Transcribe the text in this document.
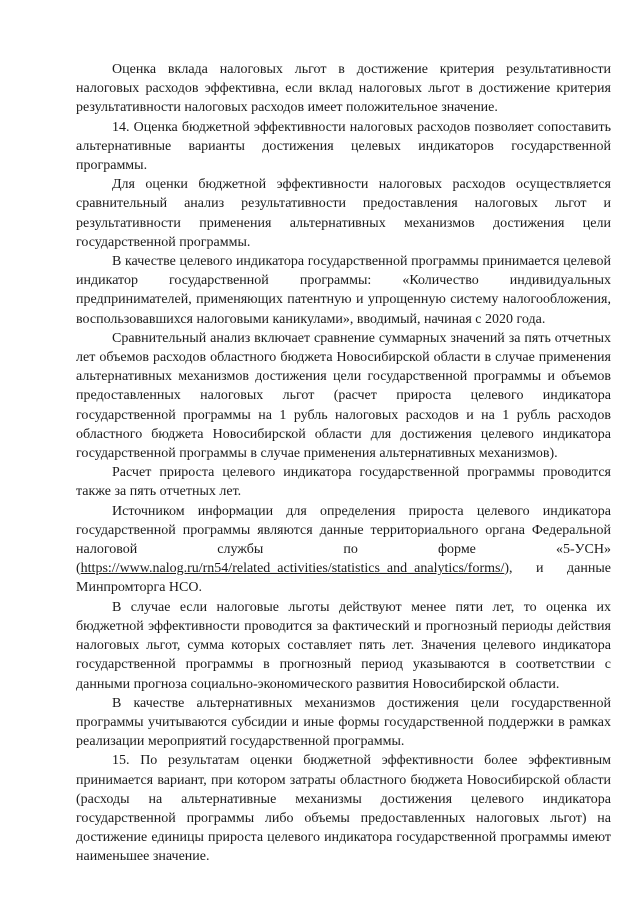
Оценка вклада налоговых льгот в достижение критерия результативности налоговых расходов эффективна, если вклад налоговых льгот в достижение критерия результативности налоговых расходов имеет положительное значение.

14. Оценка бюджетной эффективности налоговых расходов позволяет сопоставить альтернативные варианты достижения целевых индикаторов государственной программы.

Для оценки бюджетной эффективности налоговых расходов осуществляется сравнительный анализ результативности предоставления налоговых льгот и результативности применения альтернативных механизмов достижения цели государственной программы.

В качестве целевого индикатора государственной программы принимается целевой индикатор государственной программы: «Количество индивидуальных предпринимателей, применяющих патентную и упрощенную систему налогообложения, воспользовавшихся налоговыми каникулами», вводимый, начиная с 2020 года.

Сравнительный анализ включает сравнение суммарных значений за пять отчетных лет объемов расходов областного бюджета Новосибирской области в случае применения альтернативных механизмов достижения цели государственной программы и объемов предоставленных налоговых льгот (расчет прироста целевого индикатора государственной программы на 1 рубль налоговых расходов и на 1 рубль расходов областного бюджета Новосибирской области для достижения целевого индикатора государственной программы в случае применения альтернативных механизмов).

Расчет прироста целевого индикатора государственной программы проводится также за пять отчетных лет.

Источником информации для определения прироста целевого индикатора государственной программы являются данные территориального органа Федеральной налоговой службы по форме «5-УСН» (https://www.nalog.ru/rn54/related_activities/statistics_and_analytics/forms/), и данные Минпромторга НСО.

В случае если налоговые льготы действуют менее пяти лет, то оценка их бюджетной эффективности проводится за фактический и прогнозный периоды действия налоговых льгот, сумма которых составляет пять лет. Значения целевого индикатора государственной программы в прогнозный период указываются в соответствии с данными прогноза социально-экономического развития Новосибирской области.

В качестве альтернативных механизмов достижения цели государственной программы учитываются субсидии и иные формы государственной поддержки в рамках реализации мероприятий государственной программы.

15. По результатам оценки бюджетной эффективности более эффективным принимается вариант, при котором затраты областного бюджета Новосибирской области (расходы на альтернативные механизмы достижения целевого индикатора государственной программы либо объемы предоставленных налоговых льгот) на достижение единицы прироста целевого индикатора государственной программы имеют наименьшее значение.
